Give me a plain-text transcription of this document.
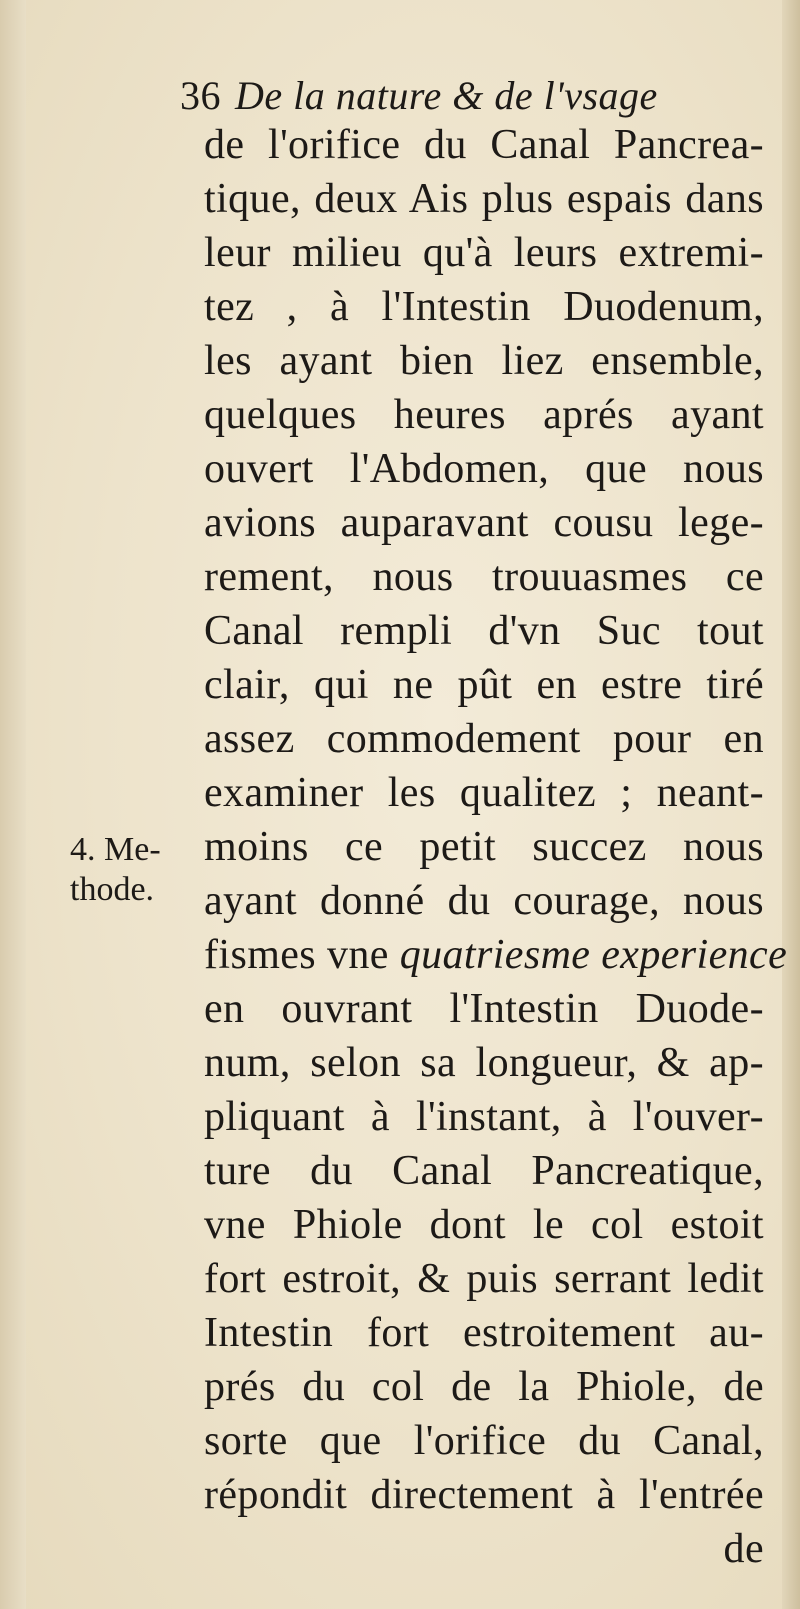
36 De la nature & de l'vsage
4. Me-
thode.
de l'orifice du Canal Pancrea-
tique, deux Ais plus espais dans
leur milieu qu'à leurs extremi-
tez , à l'Intestin Duodenum,
les ayant bien liez ensemble,
quelques heures aprés ayant
ouvert l'Abdomen, que nous
avions auparavant cousu lege-
rement, nous trouuasmes ce
Canal rempli d'vn Suc tout
clair, qui ne pût en estre tiré
assez commodement pour en
examiner les qualitez ; neant-
moins ce petit succez nous
ayant donné du courage, nous
fismes vne quatriesme experience
en ouvrant l'Intestin Duode-
num, selon sa longueur, & ap-
pliquant à l'instant, à l'ouver-
ture du Canal Pancreatique,
vne Phiole dont le col estoit
fort estroit, & puis serrant ledit
Intestin fort estroitement au-
prés du col de la Phiole, de
sorte que l'orifice du Canal,
répondit directement à l'entrée
de
